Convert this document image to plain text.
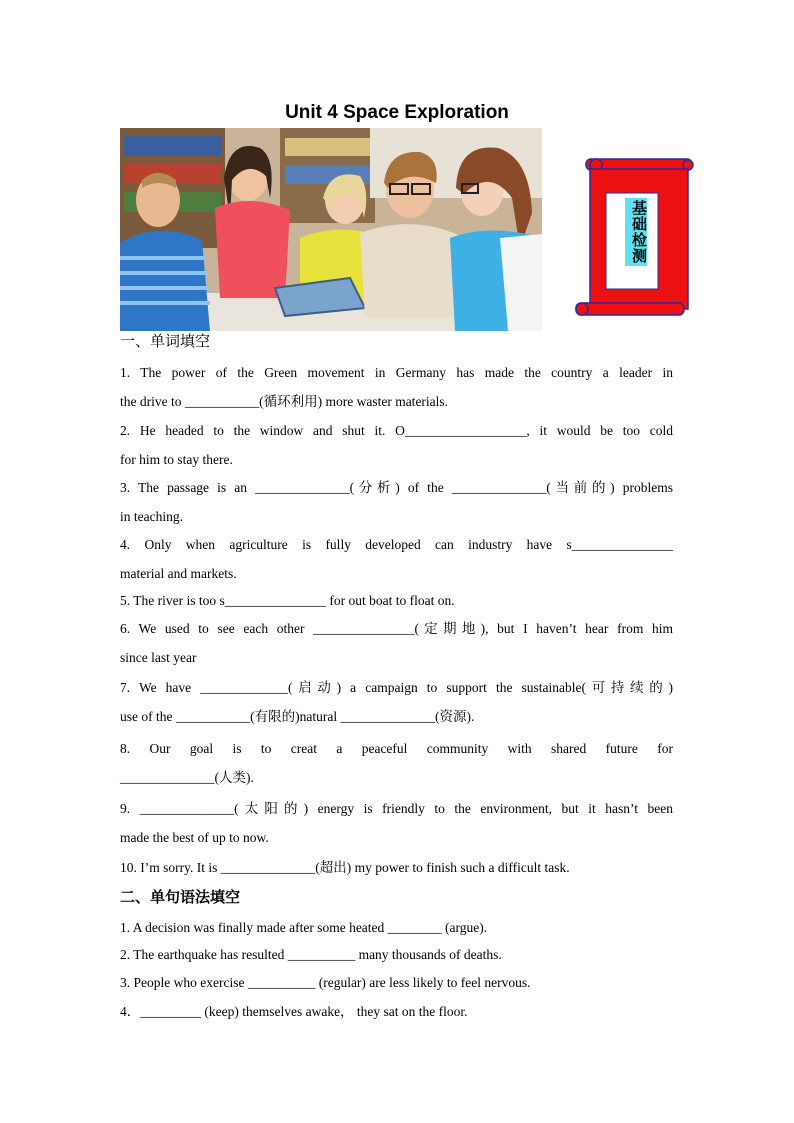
Unit 4 Space Exploration
基础检测
一、单词填空
1. The power of the Green movement in Germany has made the country a leader in
the drive to ___________(循环利用) more waster materials.
2. He headed to the window and shut it. O__________________, it would be too cold
for him to stay there.
3. The passage is an ______________(分析) of the ______________(当前的) problems
in teaching.
4. Only when agriculture is fully developed can industry have s_______________
material and markets.
5. The river is too s_______________ for out boat to float on.
6. We used to see each other _______________(定期地), but I haven’t hear from him
since last year
7. We have _____________(启动) a campaign to support the sustainable(可持续的)
use of the ___________(有限的)natural ______________(资源).
8. Our goal is to creat a peaceful community with shared future for
______________(人类).
9. ______________(太阳的) energy is friendly to the environment, but it hasn’t been
made the best of up to now.
10. I’m sorry. It is ______________(超出) my power to finish such a difficult task.
二、单句语法填空
1. A decision was finally made after some heated ________ (argue).
2. The earthquake has resulted __________ many thousands of deaths.
3. People who exercise __________ (regular) are less likely to feel nervous.
4．_________ (keep) themselves awake， they sat on the floor.
